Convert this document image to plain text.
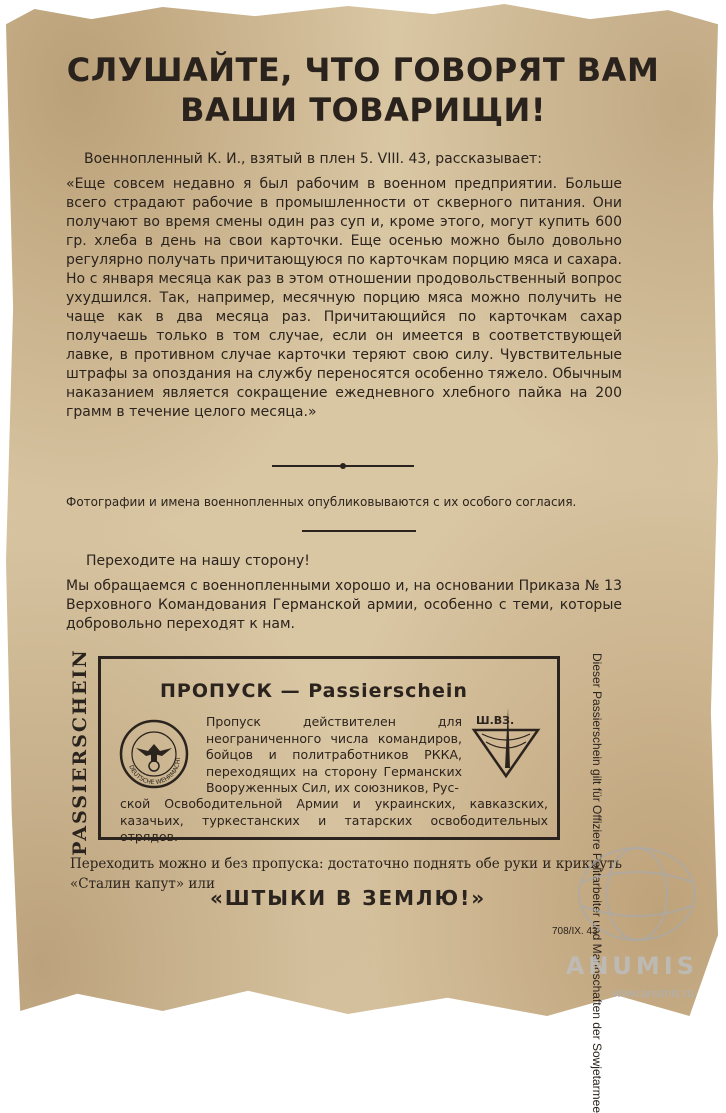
СЛУШАЙТЕ, ЧТО ГОВОРЯТ ВАМ
ВАШИ ТОВАРИЩИ!
Военнопленный К. И., взятый в плен 5. VIII. 43, рассказывает:
«Еще совсем недавно я был рабочим в военном предприятии. Больше всего страдают рабочие в промышленности от скверного питания. Они получают во время смены один раз суп и, кроме этого, могут купить 600 гр. хлеба в день на свои карточки. Еще осенью можно было довольно регулярно получать причитающуюся по карточкам порцию мяса и сахара. Но с января месяца как раз в этом отношении продовольственный вопрос ухудшился. Так, например, месячную порцию мяса можно получить не чаще как в два месяца раз. Причитающийся по карточкам сахар получаешь только в том случае, если он имеется в соответствующей лавке, в противном случае карточки теряют свою силу. Чувствительные штрафы за опоздания на службу переносятся особенно тяжело. Обычным наказанием является сокращение ежедневного хлебного пайка на 200 грамм в течение целого месяца.»
Фотографии и имена военнопленных опубликовываются с их особого согласия.
Переходите на нашу сторону!
Мы обращаемся с военнопленными хорошо и, на основании Приказа № 13 Верховного Командования Германской армии, особенно с теми, которые добровольно переходят к нам.
PASSIERSCHEIN	ПРОПУСК — Passierschein
DEUTSCHE WEHRMACHT
Пропуск действителен для неограниченного числа командиров, бойцов и политработников РККА, переходящих на сторону Германских Вооруженных Сил, их союзников, Рус-
Ш.ВЗ.
ской Освободительной Армии и украинских, кавказских, казачьих, туркестанских и татарских освободительных отрядов.
Переходить можно и без пропуска: достаточно поднять обе руки и крикнуть «Сталин капут» или
«ШТЫКИ В ЗЕМЛЮ!»
708/IX. 43
ANUMIS
www.anumis.ru
